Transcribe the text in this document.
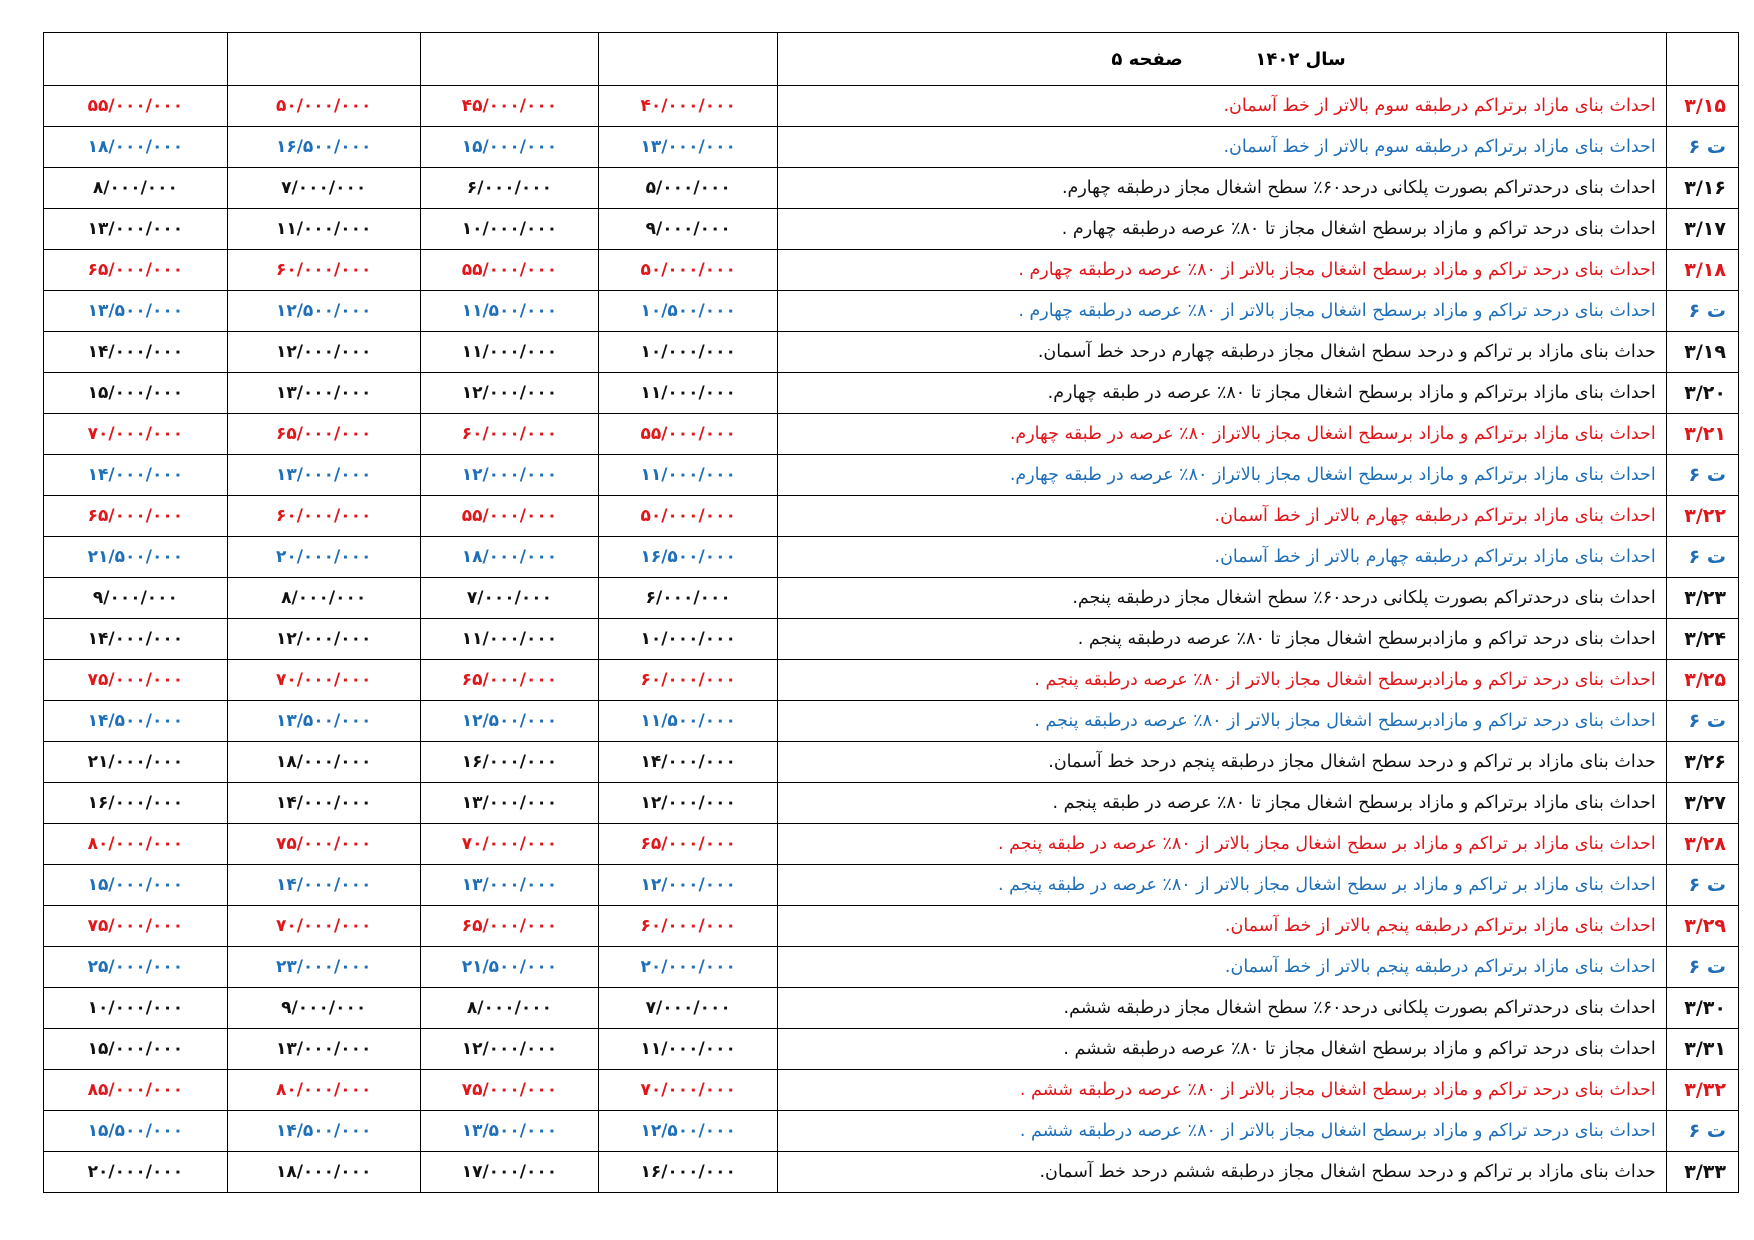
	سال ۱۴۰۲  صفحه ۵				
۳/۱۵	احداث بنای مازاد برتراکم درطبقه سوم بالاتر از خط آسمان.	۴۰/۰۰۰/۰۰۰	۴۵/۰۰۰/۰۰۰	۵۰/۰۰۰/۰۰۰	۵۵/۰۰۰/۰۰۰
ت ۶	احداث بنای مازاد برتراکم درطبقه سوم بالاتر از خط آسمان.	۱۳/۰۰۰/۰۰۰	۱۵/۰۰۰/۰۰۰	۱۶/۵۰۰/۰۰۰	۱۸/۰۰۰/۰۰۰
۳/۱۶	احداث بنای درحدتراکم بصورت پلکانی درحد۶۰٪ سطح اشغال مجاز درطبقه چهارم.	۵/۰۰۰/۰۰۰	۶/۰۰۰/۰۰۰	۷/۰۰۰/۰۰۰	۸/۰۰۰/۰۰۰
۳/۱۷	احداث بنای درحد تراکم و مازاد برسطح اشغال مجاز تا ۸۰٪ عرصه درطبقه چهارم .	۹/۰۰۰/۰۰۰	۱۰/۰۰۰/۰۰۰	۱۱/۰۰۰/۰۰۰	۱۳/۰۰۰/۰۰۰
۳/۱۸	احداث بنای درحد تراکم و مازاد برسطح اشغال مجاز بالاتر از ۸۰٪ عرصه درطبقه چهارم .	۵۰/۰۰۰/۰۰۰	۵۵/۰۰۰/۰۰۰	۶۰/۰۰۰/۰۰۰	۶۵/۰۰۰/۰۰۰
ت ۶	احداث بنای درحد تراکم و مازاد برسطح اشغال مجاز بالاتر از ۸۰٪ عرصه درطبقه چهارم .	۱۰/۵۰۰/۰۰۰	۱۱/۵۰۰/۰۰۰	۱۲/۵۰۰/۰۰۰	۱۳/۵۰۰/۰۰۰
۳/۱۹	حداث بنای مازاد بر تراکم و درحد سطح اشغال مجاز درطبقه چهارم درحد خط آسمان.	۱۰/۰۰۰/۰۰۰	۱۱/۰۰۰/۰۰۰	۱۲/۰۰۰/۰۰۰	۱۴/۰۰۰/۰۰۰
۳/۲۰	احداث بنای مازاد برتراکم و مازاد برسطح اشغال مجاز تا ۸۰٪ عرصه در طبقه چهارم.	۱۱/۰۰۰/۰۰۰	۱۲/۰۰۰/۰۰۰	۱۳/۰۰۰/۰۰۰	۱۵/۰۰۰/۰۰۰
۳/۲۱	احداث بنای مازاد برتراکم و مازاد برسطح اشغال مجاز بالاتراز ۸۰٪ عرصه در طبقه چهارم.	۵۵/۰۰۰/۰۰۰	۶۰/۰۰۰/۰۰۰	۶۵/۰۰۰/۰۰۰	۷۰/۰۰۰/۰۰۰
ت ۶	احداث بنای مازاد برتراکم و مازاد برسطح اشغال مجاز بالاتراز ۸۰٪ عرصه در طبقه چهارم.	۱۱/۰۰۰/۰۰۰	۱۲/۰۰۰/۰۰۰	۱۳/۰۰۰/۰۰۰	۱۴/۰۰۰/۰۰۰
۳/۲۲	احداث بنای مازاد برتراکم درطبقه چهارم بالاتر از خط آسمان.	۵۰/۰۰۰/۰۰۰	۵۵/۰۰۰/۰۰۰	۶۰/۰۰۰/۰۰۰	۶۵/۰۰۰/۰۰۰
ت ۶	احداث بنای مازاد برتراکم درطبقه چهارم بالاتر از خط آسمان.	۱۶/۵۰۰/۰۰۰	۱۸/۰۰۰/۰۰۰	۲۰/۰۰۰/۰۰۰	۲۱/۵۰۰/۰۰۰
۳/۲۳	احداث بنای درحدتراکم بصورت پلکانی درحد۶۰٪ سطح اشغال مجاز درطبقه پنجم.	۶/۰۰۰/۰۰۰	۷/۰۰۰/۰۰۰	۸/۰۰۰/۰۰۰	۹/۰۰۰/۰۰۰
۳/۲۴	احداث بنای درحد تراکم و مازادبرسطح اشغال مجاز تا ۸۰٪ عرصه درطبقه پنجم .	۱۰/۰۰۰/۰۰۰	۱۱/۰۰۰/۰۰۰	۱۲/۰۰۰/۰۰۰	۱۴/۰۰۰/۰۰۰
۳/۲۵	احداث بنای درحد تراکم و مازادبرسطح اشغال مجاز بالاتر از ۸۰٪ عرصه درطبقه پنجم .	۶۰/۰۰۰/۰۰۰	۶۵/۰۰۰/۰۰۰	۷۰/۰۰۰/۰۰۰	۷۵/۰۰۰/۰۰۰
ت ۶	احداث بنای درحد تراکم و مازادبرسطح اشغال مجاز بالاتر از ۸۰٪ عرصه درطبقه پنجم .	۱۱/۵۰۰/۰۰۰	۱۲/۵۰۰/۰۰۰	۱۳/۵۰۰/۰۰۰	۱۴/۵۰۰/۰۰۰
۳/۲۶	حداث بنای مازاد بر تراکم و درحد سطح اشغال مجاز درطبقه پنجم درحد خط آسمان.	۱۴/۰۰۰/۰۰۰	۱۶/۰۰۰/۰۰۰	۱۸/۰۰۰/۰۰۰	۲۱/۰۰۰/۰۰۰
۳/۲۷	احداث بنای مازاد برتراکم و مازاد برسطح اشغال مجاز تا ۸۰٪ عرصه در طبقه پنجم .	۱۲/۰۰۰/۰۰۰	۱۳/۰۰۰/۰۰۰	۱۴/۰۰۰/۰۰۰	۱۶/۰۰۰/۰۰۰
۳/۲۸	احداث بنای مازاد بر تراکم و مازاد بر سطح اشغال مجاز بالاتر از ۸۰٪ عرصه در طبقه پنجم .	۶۵/۰۰۰/۰۰۰	۷۰/۰۰۰/۰۰۰	۷۵/۰۰۰/۰۰۰	۸۰/۰۰۰/۰۰۰
ت ۶	احداث بنای مازاد بر تراکم و مازاد بر سطح اشغال مجاز بالاتر از ۸۰٪ عرصه در طبقه پنجم .	۱۲/۰۰۰/۰۰۰	۱۳/۰۰۰/۰۰۰	۱۴/۰۰۰/۰۰۰	۱۵/۰۰۰/۰۰۰
۳/۲۹	احداث بنای مازاد برتراکم درطبقه پنجم بالاتر از خط آسمان.	۶۰/۰۰۰/۰۰۰	۶۵/۰۰۰/۰۰۰	۷۰/۰۰۰/۰۰۰	۷۵/۰۰۰/۰۰۰
ت ۶	احداث بنای مازاد برتراکم درطبقه پنجم بالاتر از خط آسمان.	۲۰/۰۰۰/۰۰۰	۲۱/۵۰۰/۰۰۰	۲۳/۰۰۰/۰۰۰	۲۵/۰۰۰/۰۰۰
۳/۳۰	احداث بنای درحدتراکم بصورت پلکانی درحد۶۰٪ سطح اشغال مجاز درطبقه ششم.	۷/۰۰۰/۰۰۰	۸/۰۰۰/۰۰۰	۹/۰۰۰/۰۰۰	۱۰/۰۰۰/۰۰۰
۳/۳۱	احداث بنای درحد تراکم و مازاد برسطح اشغال مجاز تا ۸۰٪ عرصه درطبقه ششم .	۱۱/۰۰۰/۰۰۰	۱۲/۰۰۰/۰۰۰	۱۳/۰۰۰/۰۰۰	۱۵/۰۰۰/۰۰۰
۳/۳۲	احداث بنای درحد تراکم و مازاد برسطح اشغال مجاز بالاتر از ۸۰٪ عرصه درطبقه ششم .	۷۰/۰۰۰/۰۰۰	۷۵/۰۰۰/۰۰۰	۸۰/۰۰۰/۰۰۰	۸۵/۰۰۰/۰۰۰
ت ۶	احداث بنای درحد تراکم و مازاد برسطح اشغال مجاز بالاتر از ۸۰٪ عرصه درطبقه ششم .	۱۲/۵۰۰/۰۰۰	۱۳/۵۰۰/۰۰۰	۱۴/۵۰۰/۰۰۰	۱۵/۵۰۰/۰۰۰
۳/۳۳	حداث بنای مازاد بر تراکم و درحد سطح اشغال مجاز درطبقه ششم درحد خط آسمان.	۱۶/۰۰۰/۰۰۰	۱۷/۰۰۰/۰۰۰	۱۸/۰۰۰/۰۰۰	۲۰/۰۰۰/۰۰۰
